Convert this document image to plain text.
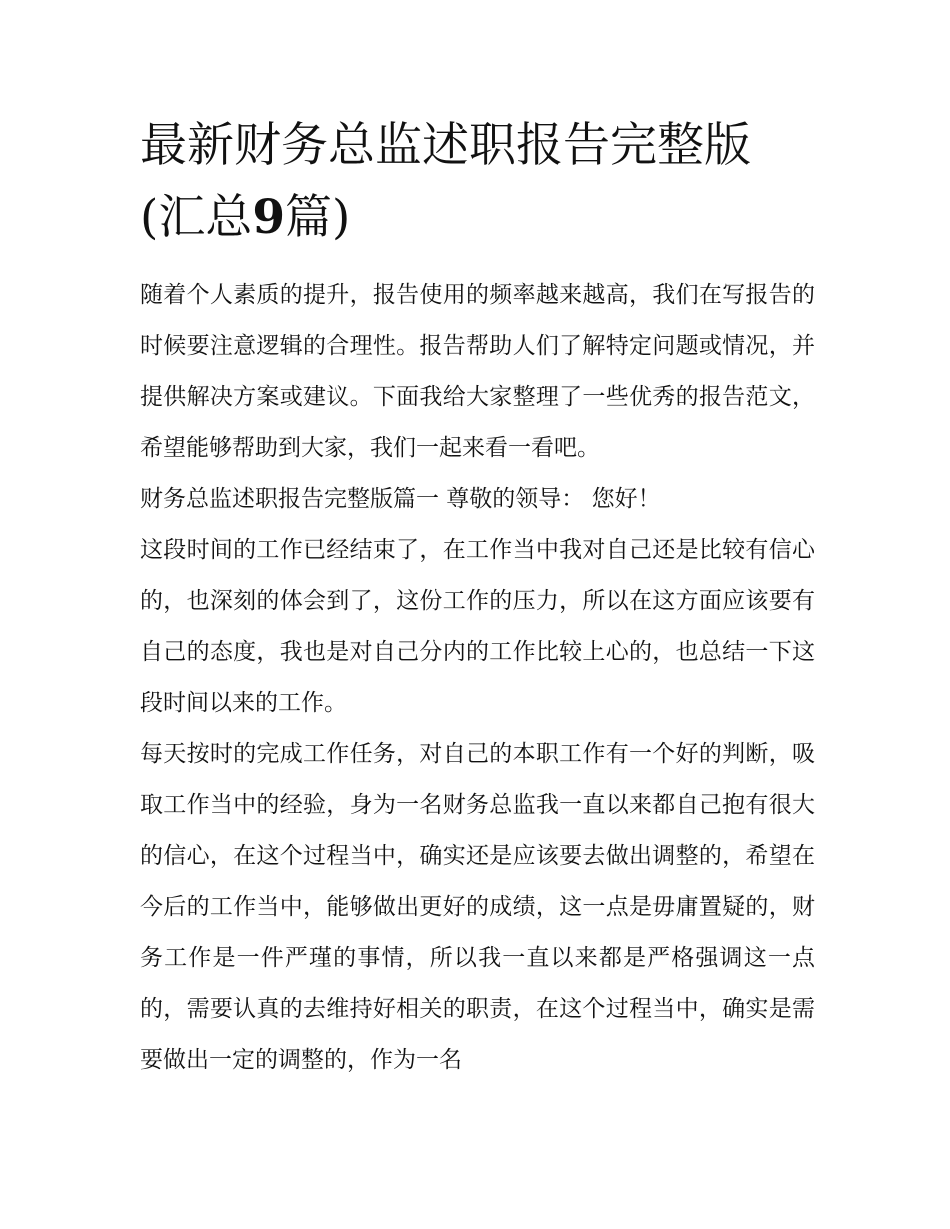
最新财务总监述职报告完整版
(汇总9篇)

随着个人素质的提升，报告使用的频率越来越高，我们在写报告的时候要注意逻辑的合理性。报告帮助人们了解特定问题或情况，并提供解决方案或建议。下面我给大家整理了一些优秀的报告范文，希望能够帮助到大家，我们一起来看一看吧。

财务总监述职报告完整版篇一 尊敬的领导： 您好！

这段时间的工作已经结束了，在工作当中我对自己还是比较有信心的，也深刻的体会到了，这份工作的压力，所以在这方面应该要有自己的态度，我也是对自己分内的工作比较上心的，也总结一下这段时间以来的工作。

每天按时的完成工作任务，对自己的本职工作有一个好的判断，吸取工作当中的经验，身为一名财务总监我一直以来都自己抱有很大的信心，在这个过程当中，确实还是应该要去做出调整的，希望在今后的工作当中，能够做出更好的成绩，这一点是毋庸置疑的，财务工作是一件严瑾的事情，所以我一直以来都是严格强调这一点的，需要认真的去维持好相关的职责，在这个过程当中，确实是需要做出一定的调整的，作为一名
